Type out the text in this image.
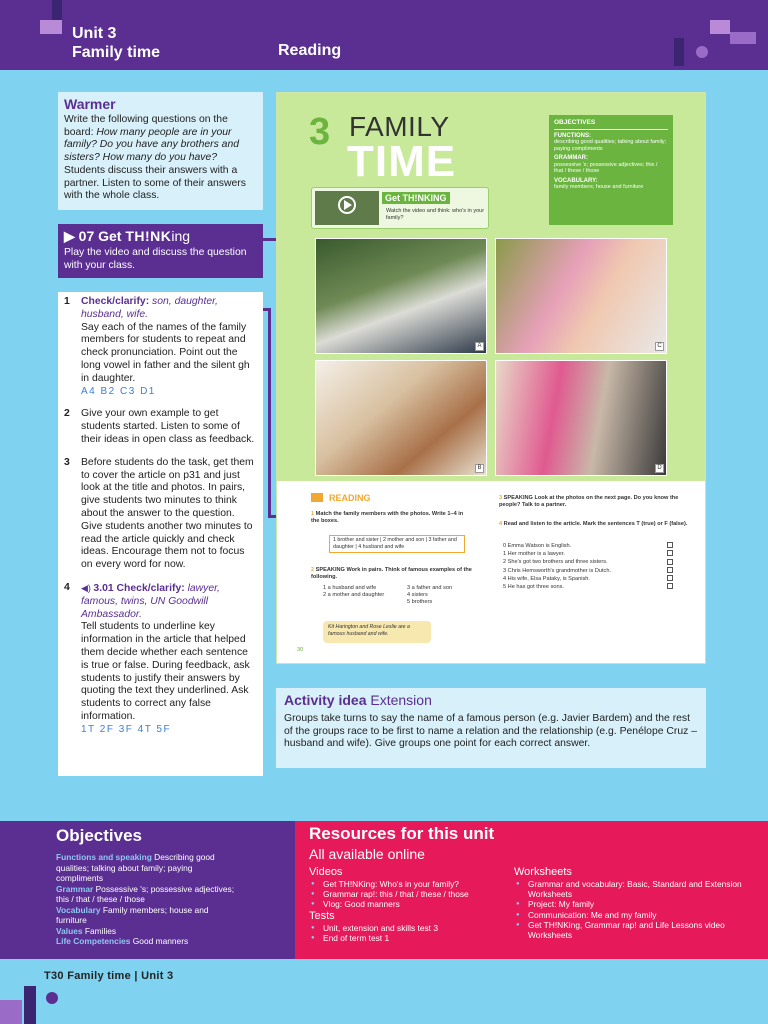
Unit 3
Family time	Reading
Warmer

Write the following questions on the board: How many people are in your family? Do you have any brothers and sisters? How many do you have? Students discuss their answers with a partner. Listen to some of their answers with the whole class.

▶ 07 Get TH!NKing
Play the video and discuss the question with your class.
1	Check/clarify: son, daughter, husband, wife.
Say each of the names of the family members for students to repeat and check pronunciation. Point out the long vowel in father and the silent gh in daughter.
A4 B2 C3 D1
2	Give your own example to get students started. Listen to some of their ideas in open class as feedback.
3	Before students do the task, get them to cover the article on p31 and just look at the title and photos. In pairs, give students two minutes to think about the answer to the question. Give students another two minutes to read the article quickly and check ideas. Encourage them not to focus on every word for now.
4	◀) 3.01 Check/clarify: lawyer, famous, twins, UN Goodwill Ambassador.
Tell students to underline key information in the article that helped them decide whether each sentence is true or false. During feedback, ask students to justify their answers by quoting the text they underlined. Ask students to correct any false information.
1T 2F 3F 4T 5F
3 FAMILY
TIME
OBJECTIVES
FUNCTIONS:
describing good qualities; talking about family; paying compliments
GRAMMAR:
possessive 's; possessive adjectives; this / that / these / those
VOCABULARY:
family members; house and furniture
Get TH!NKING
Watch the video and think: who's in your family?
A	C
B	D
READING
1 Match the family members with the photos. Write 1–4 in the boxes.
1 brother and sister | 2 mother and son | 3 father and daughter | 4 husband and wife
2 SPEAKING Work in pairs. Think of famous examples of the following.
1 a husband and wife
2 a mother and daughter
3 a father and son
4 sisters
5 brothers
Kit Harington and Rose Leslie are a famous husband and wife.
30
3 SPEAKING Look at the photos on the next page. Do you know the people? Talk to a partner.
4 Read and listen to the article. Mark the sentences T (true) or F (false).
0 Emma Watson is English.
1 Her mother is a lawyer.
2 She's got two brothers and three sisters.
3 Chris Hemsworth's grandmother is Dutch.
4 His wife, Elsa Pataky, is Spanish.
5 He has got three sons.
Activity idea Extension

Groups take turns to say the name of a famous person (e.g. Javier Bardem) and the rest of the groups race to be first to name a relation and the relationship (e.g. Penélope Cruz – husband and wife). Give groups one point for each correct answer.

Objectives
Functions and speaking Describing good qualities; talking about family; paying compliments
Grammar Possessive 's; possessive adjectives; this / that / these / those
Vocabulary Family members; house and furniture
Values Families
Life Competencies Good manners
Resources for this unit
All available online
Videos
● Get TH!NKing: Who's in your family?
● Grammar rap!: this / that / these / those
● Vlog: Good manners
Tests
● Unit, extension and skills test 3
● End of term test 1
Worksheets
● Grammar and vocabulary: Basic, Standard and Extension Worksheets
● Project: My family
● Communication: Me and my family
● Get TH!NKing, Grammar rap! and Life Lessons video Worksheets
T30 Family time | Unit 3
